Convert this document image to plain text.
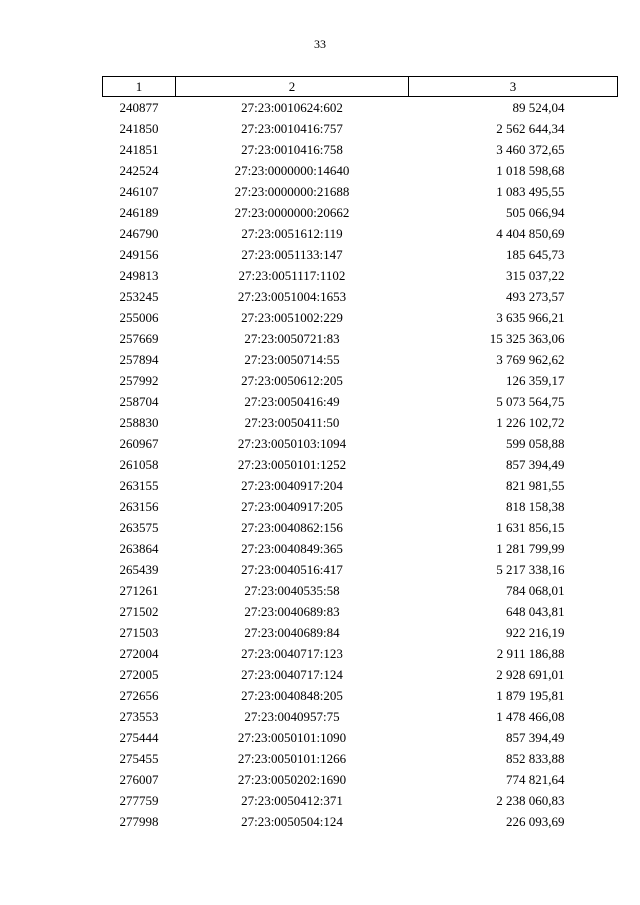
33
1	2	3
240877	27:23:0010624:602	89 524,04
241850	27:23:0010416:757	2 562 644,34
241851	27:23:0010416:758	3 460 372,65
242524	27:23:0000000:14640	1 018 598,68
246107	27:23:0000000:21688	1 083 495,55
246189	27:23:0000000:20662	505 066,94
246790	27:23:0051612:119	4 404 850,69
249156	27:23:0051133:147	185 645,73
249813	27:23:0051117:1102	315 037,22
253245	27:23:0051004:1653	493 273,57
255006	27:23:0051002:229	3 635 966,21
257669	27:23:0050721:83	15 325 363,06
257894	27:23:0050714:55	3 769 962,62
257992	27:23:0050612:205	126 359,17
258704	27:23:0050416:49	5 073 564,75
258830	27:23:0050411:50	1 226 102,72
260967	27:23:0050103:1094	599 058,88
261058	27:23:0050101:1252	857 394,49
263155	27:23:0040917:204	821 981,55
263156	27:23:0040917:205	818 158,38
263575	27:23:0040862:156	1 631 856,15
263864	27:23:0040849:365	1 281 799,99
265439	27:23:0040516:417	5 217 338,16
271261	27:23:0040535:58	784 068,01
271502	27:23:0040689:83	648 043,81
271503	27:23:0040689:84	922 216,19
272004	27:23:0040717:123	2 911 186,88
272005	27:23:0040717:124	2 928 691,01
272656	27:23:0040848:205	1 879 195,81
273553	27:23:0040957:75	1 478 466,08
275444	27:23:0050101:1090	857 394,49
275455	27:23:0050101:1266	852 833,88
276007	27:23:0050202:1690	774 821,64
277759	27:23:0050412:371	2 238 060,83
277998	27:23:0050504:124	226 093,69
